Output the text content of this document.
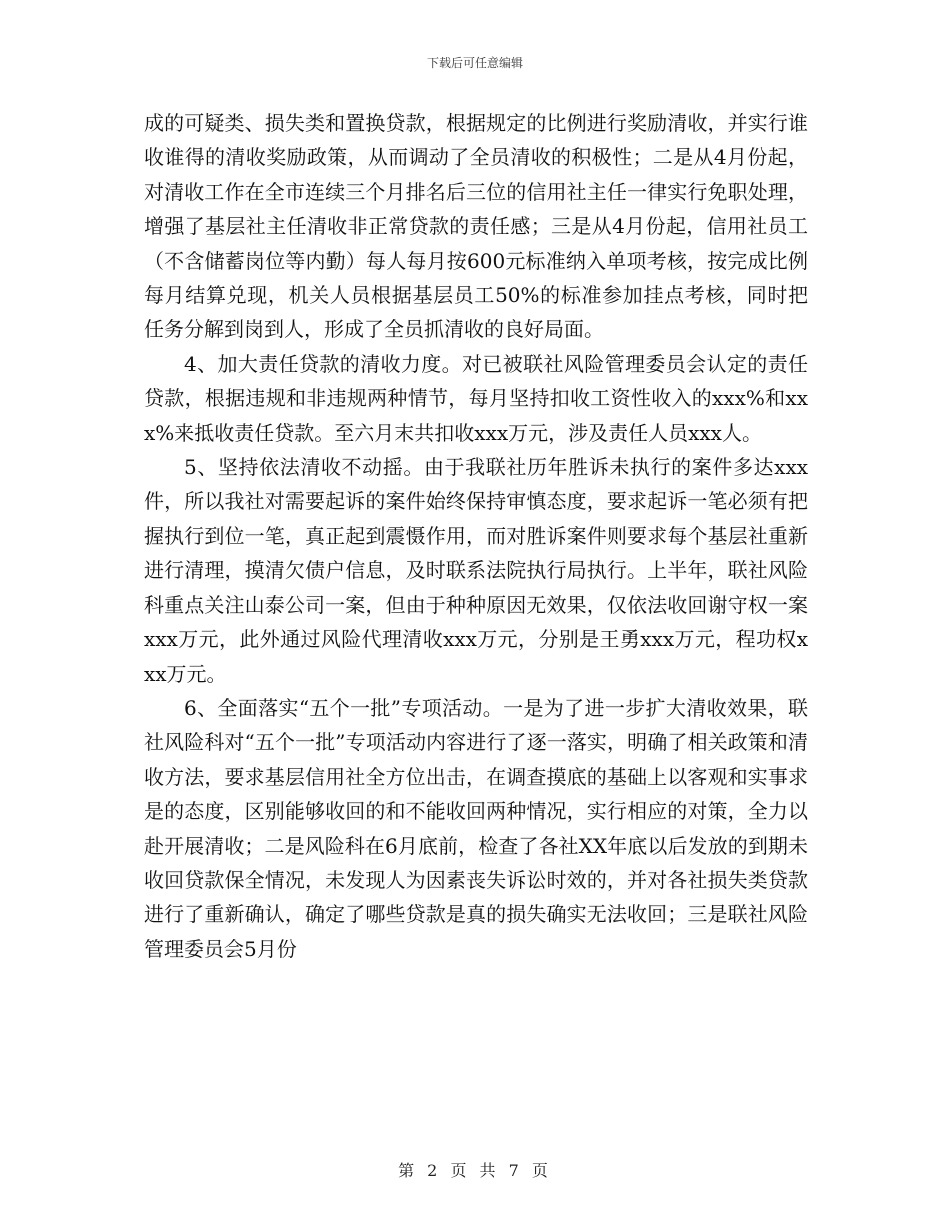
下载后可任意编辑

成的可疑类、损失类和置换贷款，根据规定的比例进行奖励清收，并实行谁收谁得的清收奖励政策，从而调动了全员清收的积极性；二是从4月份起，对清收工作在全市连续三个月排名后三位的信用社主任一律实行免职处理，增强了基层社主任清收非正常贷款的责任感；三是从4月份起，信用社员工（不含储蓄岗位等内勤）每人每月按600元标准纳入单项考核，按完成比例每月结算兑现，机关人员根据基层员工50%的标准参加挂点考核，同时把任务分解到岗到人，形成了全员抓清收的良好局面。

4、加大责任贷款的清收力度。对已被联社风险管理委员会认定的责任贷款，根据违规和非违规两种情节，每月坚持扣收工资性收入的xxx%和xxx%来抵收责任贷款。至六月末共扣收xxx万元，涉及责任人员xxx人。

5、坚持依法清收不动摇。由于我联社历年胜诉未执行的案件多达xxx件，所以我社对需要起诉的案件始终保持审慎态度，要求起诉一笔必须有把握执行到位一笔，真正起到震慑作用，而对胜诉案件则要求每个基层社重新进行清理，摸清欠债户信息，及时联系法院执行局执行。上半年，联社风险科重点关注山泰公司一案，但由于种种原因无效果，仅依法收回谢守权一案xxx万元，此外通过风险代理清收xxx万元，分别是王勇xxx万元，程功权xxx万元。

6、全面落实“五个一批”专项活动。一是为了进一步扩大清收效果，联社风险科对“五个一批”专项活动内容进行了逐一落实，明确了相关政策和清收方法，要求基层信用社全方位出击，在调查摸底的基础上以客观和实事求是的态度，区别能够收回的和不能收回两种情况，实行相应的对策，全力以赴开展清收；二是风险科在6月底前，检查了各社XX年底以后发放的到期未收回贷款保全情况，未发现人为因素丧失诉讼时效的，并对各社损失类贷款进行了重新确认，确定了哪些贷款是真的损失确实无法收回；三是联社风险管理委员会5月份

第 2 页 共 7 页
